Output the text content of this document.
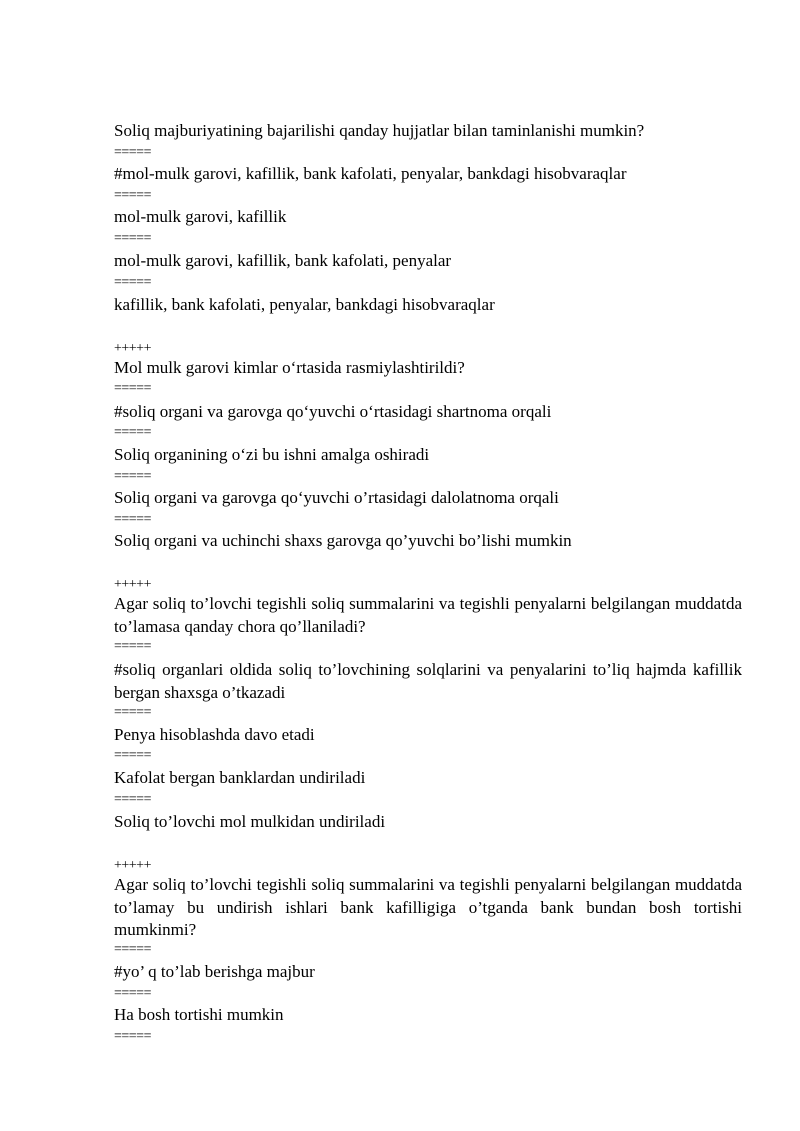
Soliq majburiyatining bajarilishi qanday hujjatlar bilan taminlanishi mumkin?
=====
#mol-mulk garovi, kafillik, bank kafolati, penyalar, bankdagi hisobvaraqlar
=====
mol-mulk garovi, kafillik
=====
mol-mulk garovi, kafillik, bank kafolati, penyalar
=====
kafillik, bank kafolati, penyalar, bankdagi hisobvaraqlar
+++++
Mol mulk garovi kimlar o‘rtasida rasmiylashtirildi?
=====
#soliq organi va garovga qo‘yuvchi o‘rtasidagi shartnoma orqali
=====
Soliq organining o‘zi bu ishni amalga oshiradi
=====
Soliq organi va garovga qo‘yuvchi o’rtasidagi dalolatnoma orqali
=====
Soliq organi va uchinchi shaxs garovga qo’yuvchi bo’lishi mumkin
+++++
Agar soliq to’lovchi tegishli soliq summalarini va tegishli penyalarni belgilangan muddatda to’lamasa qanday chora qo’llaniladi?
=====
#soliq organlari oldida soliq to’lovchining solqlarini va penyalarini to’liq hajmda kafillik bergan shaxsga o’tkazadi
=====
Penya hisoblashda davo etadi
=====
Kafolat bergan banklardan undiriladi
=====
Soliq to’lovchi mol mulkidan undiriladi
+++++
Agar soliq to’lovchi tegishli soliq summalarini va tegishli penyalarni belgilangan muddatda to’lamay bu undirish ishlari bank kafilligiga o’tganda bank bundan bosh tortishi mumkinmi?
=====
#yo’ q to’lab berishga majbur
=====
Ha bosh tortishi mumkin
=====
